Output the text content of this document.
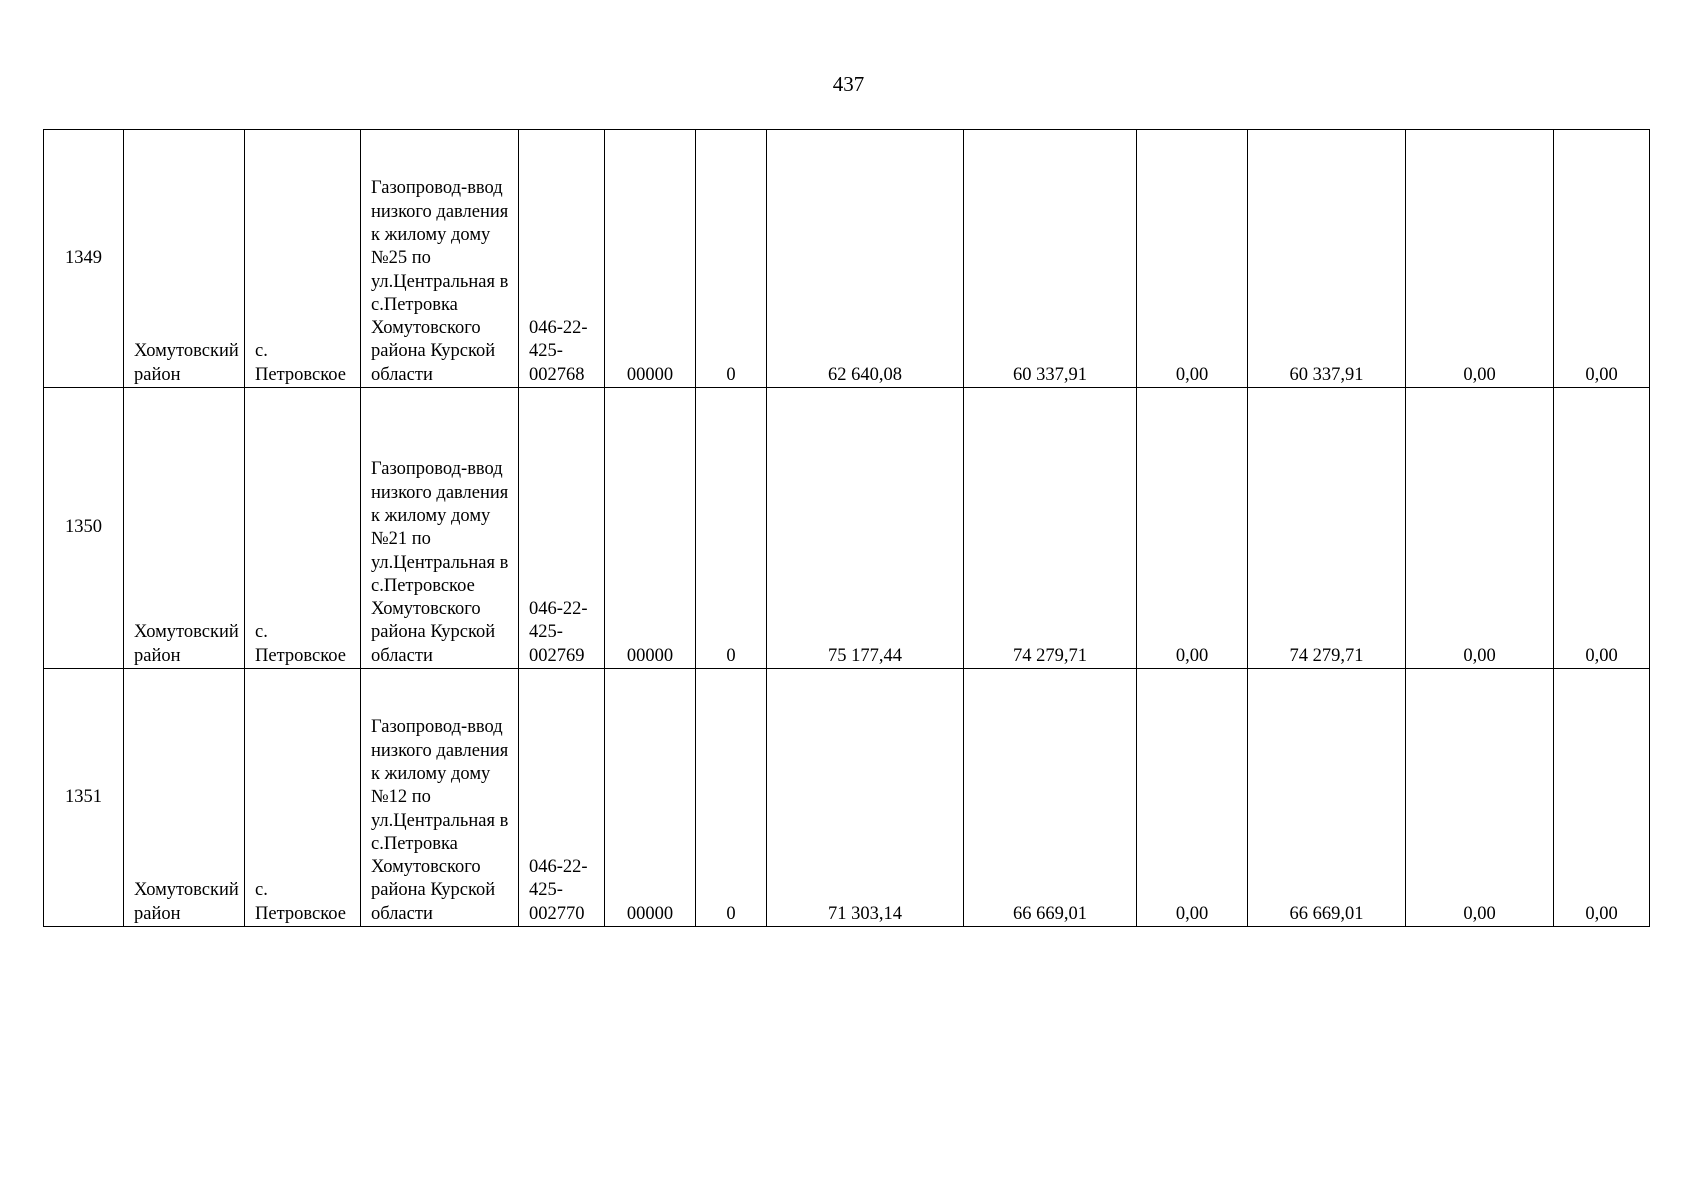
437
1349	Хомутовский район	с. Петровское	Газопровод-ввод низкого давления к жилому дому №25 по ул.Центральная в с.Петровка Хомутовского района Курской области	046-22-425-002768	00000	0	62 640,08	60 337,91	0,00	60 337,91	0,00	0,00
1350	Хомутовский район	с. Петровское	Газопровод-ввод низкого давления к жилому дому №21 по ул.Центральная в с.Петровское Хомутовского района Курской области	046-22-425-002769	00000	0	75 177,44	74 279,71	0,00	74 279,71	0,00	0,00
1351	Хомутовский район	с. Петровское	Газопровод-ввод низкого давления к жилому дому №12 по ул.Центральная в с.Петровка Хомутовского района Курской области	046-22-425-002770	00000	0	71 303,14	66 669,01	0,00	66 669,01	0,00	0,00
